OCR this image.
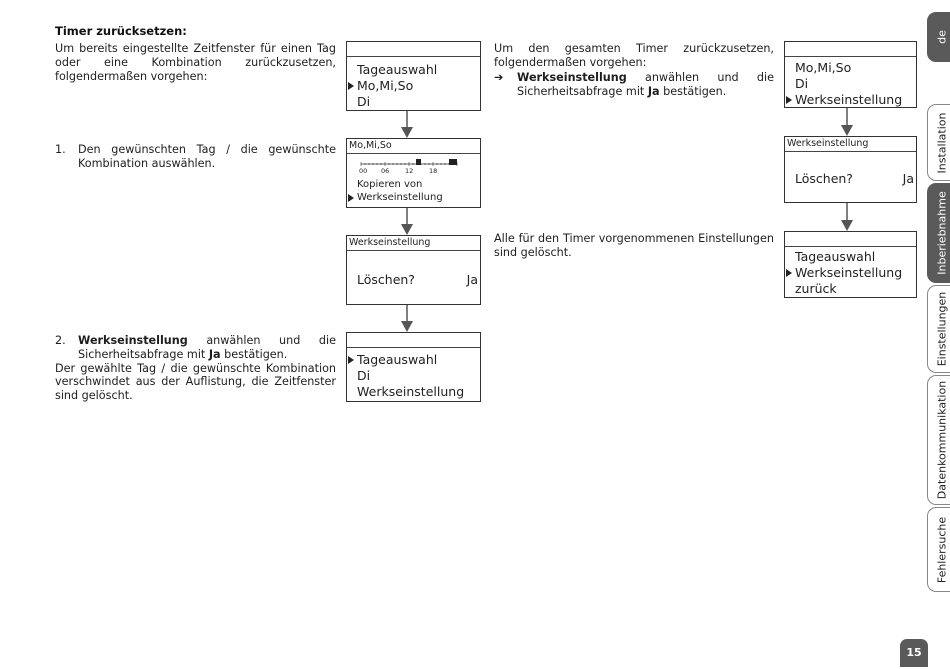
Timer zurücksetzen:
Um bereits eingestellte Zeitfenster für einen Tag oder eine Kombination zurückzusetzen, folgendermaßen vorgehen:
1. Den gewünschten Tag / die gewünschte Kombination auswählen.
2. Werkseinstellung anwählen und die Sicherheitsabfrage mit Ja bestätigen.

Der gewählte Tag / die gewünschte Kombination verschwindet aus der Auflistung, die Zeitfenster sind gelöscht.

Um den gesamten Timer zurückzusetzen, folgendermaßen vorgehen:
➔ Werkseinstellung anwählen und die Sicherheitsabfrage mit Ja bestätigen.
Alle für den Timer vorgenommenen Einstellungen sind gelöscht.
Tageauswahl
Mo,Mi,So
Di
Mo,Mi,So
00 06 12 18
Kopieren von
Werkseinstellung
Werkseinstellung
Löschen?	Ja
Tageauswahl
Di
Werkseinstellung
Mo,Mi,So
Di
Werkseinstellung
Werkseinstellung
Löschen?	Ja
Tageauswahl
Werkseinstellung
zurück
de
Installation
Inberiebnahme
Einstellungen
Datenkommunikation
Fehlersuche
15
